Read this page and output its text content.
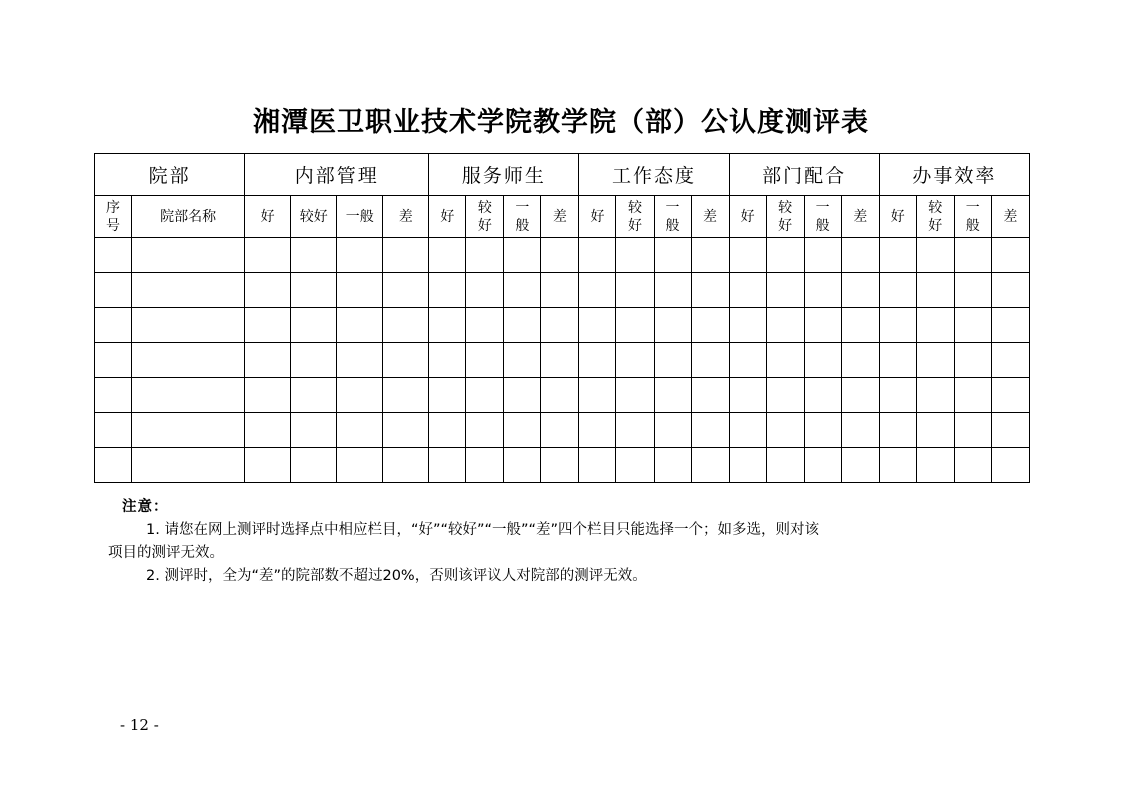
湘潭医卫职业技术学院教学院（部）公认度测评表
院部		内部管理				服务师生				工作态度				部门配合				办事效率			

序号	院部名称	好	较好	一般	差	好	较好	一般	差	好	较好	一般	差	好	较好	一般	差	好	较好	一般	差

注意：
1. 请您在网上测评时选择点中相应栏目，“好”“较好”“一般”“差”四个栏目只能选择一个；如多选，则对该
项目的测评无效。
2. 测评时，全为“差”的院部数不超过20%，否则该评议人对院部的测评无效。
- 12 -
